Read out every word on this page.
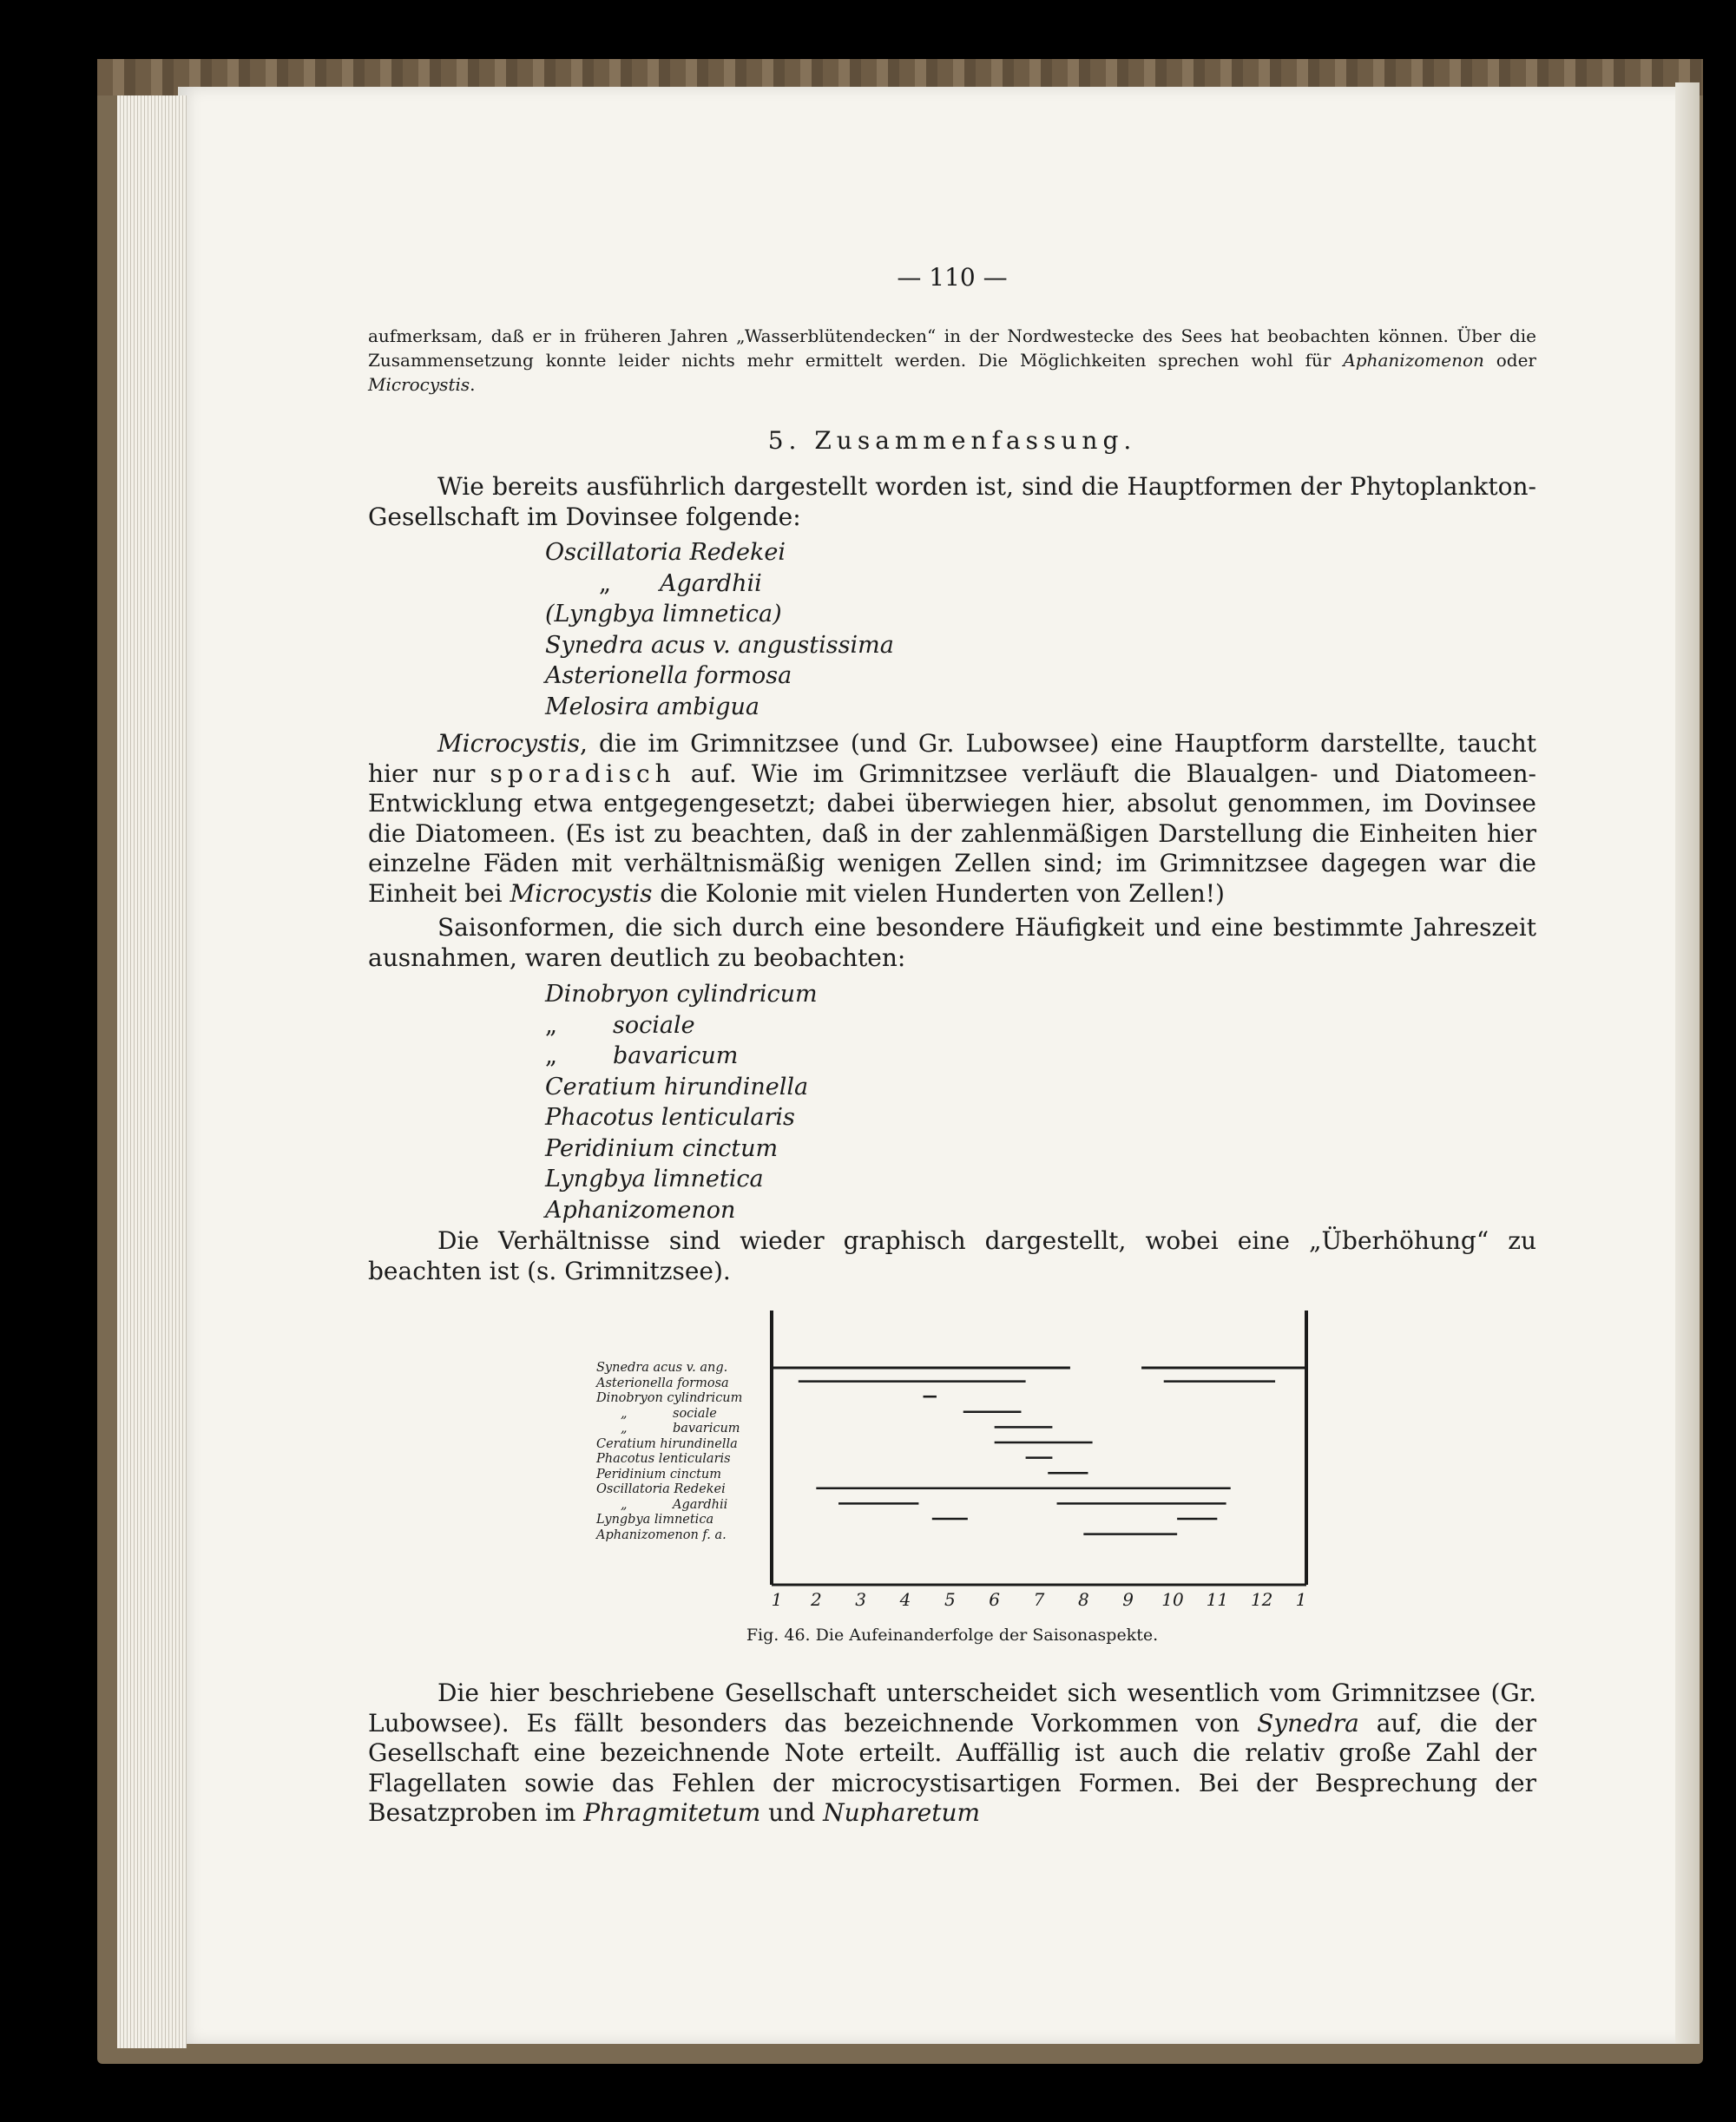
— 110 —
aufmerksam, daß er in früheren Jahren „Wasserblütendecken“ in der Nordwestecke des Sees hat beobachten können. Über die Zusammensetzung konnte leider nichts mehr ermittelt werden. Die Möglichkeiten sprechen wohl für Aphanizomenon oder Microcystis.
5. Zusammenfassung.
Wie bereits ausführlich dargestellt worden ist, sind die Hauptformen der Phytoplankton-Gesellschaft im Dovinsee folgende:
Oscillatoria Redekei
„ Agardhii
(Lyngbya limnetica)
Synedra acus v. angustissima
Asterionella formosa
Melosira ambigua
Microcystis, die im Grimnitzsee (und Gr. Lubowsee) eine Hauptform darstellte, taucht hier nur sporadisch auf. Wie im Grimnitzsee verläuft die Blaualgen- und Diatomeen-Entwicklung etwa entgegengesetzt; dabei überwiegen hier, absolut genommen, im Dovinsee die Diatomeen. (Es ist zu beachten, daß in der zahlenmäßigen Darstellung die Einheiten hier einzelne Fäden mit verhältnismäßig wenigen Zellen sind; im Grimnitzsee dagegen war die Einheit bei Microcystis die Kolonie mit vielen Hunderten von Zellen!)
Saisonformen, die sich durch eine besondere Häufigkeit und eine bestimmte Jahreszeit ausnahmen, waren deutlich zu beobachten:
Dinobryon cylindricum
„ sociale
„ bavaricum
Ceratium hirundinella
Phacotus lenticularis
Peridinium cinctum
Lyngbya limnetica
Aphanizomenon
Die Verhältnisse sind wieder graphisch dargestellt, wobei eine „Überhöhung“ zu beachten ist (s. Grimnitzsee).
Synedra acus v. ang.
Asterionella formosa
Dinobryon cylindricum
„	sociale
„	bavaricum
Ceratium hirundinella
Phacotus lenticularis
Peridinium cinctum
Oscillatoria Redekei
„	Agardhii
Lyngbya limnetica
Aphanizomenon f. a.
1 2 3 4 5 6 7 8 9 10 11 12 1
Fig. 46. Die Aufeinanderfolge der Saisonaspekte.
Die hier beschriebene Gesellschaft unterscheidet sich wesentlich vom Grimnitzsee (Gr. Lubowsee). Es fällt besonders das bezeichnende Vorkommen von Synedra auf, die der Gesellschaft eine bezeichnende Note erteilt. Auffällig ist auch die relativ große Zahl der Flagellaten sowie das Fehlen der microcystisartigen Formen. Bei der Besprechung der Besatzproben im Phragmitetum und Nupharetum
